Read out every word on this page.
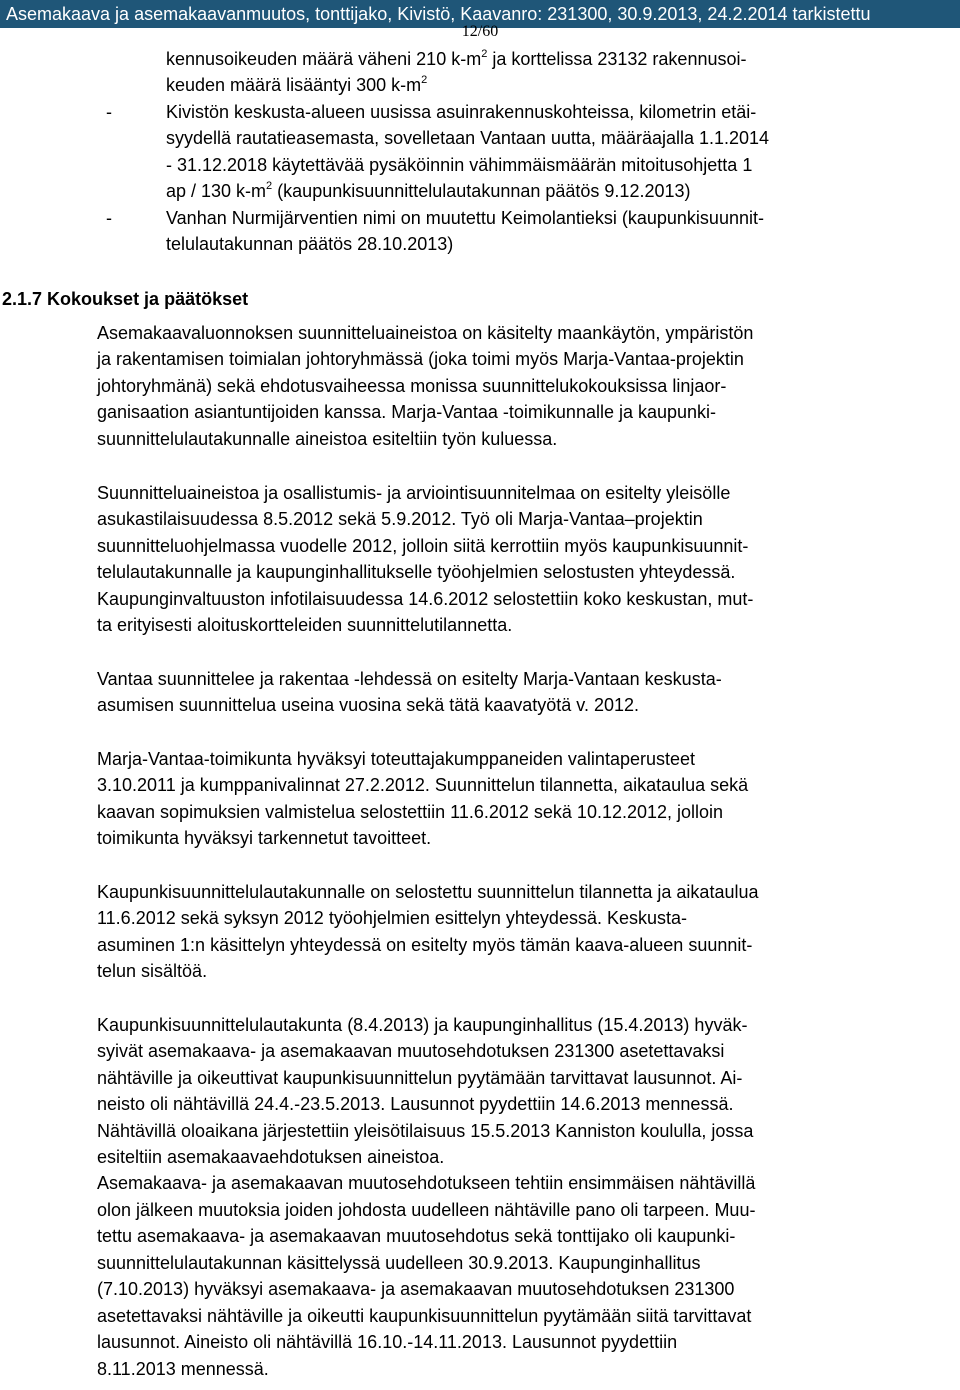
Asemakaava ja asemakaavanmuutos, tonttijako, Kivistö, Kaavanro: 231300, 30.9.2013, 24.2.2014 tarkistettu
12/60
kennusoikeuden määrä väheni 210 $k-m^2$ ja korttelissa 23132 rakennusoi-
keuden määrä lisääntyi 300 $k-m^2$
-	Kivistön keskusta-alueen uusissa asuinrakennuskohteissa, kilometrin etäi-
syydellä rautatieasemasta, sovelletaan Vantaan uutta, määräajalla 1.1.2014
- 31.12.2018 käytettävää pysäköinnin vähimmäismäärän mitoitusohjetta 1
ap / 130 $k-m^2$ (kaupunkisuunnittelulautakunnan päätös 9.12.2013)
-	Vanhan Nurmijärventien nimi on muutettu Keimolantieksi (kaupunkisuunnit-
telulautakunnan päätös 28.10.2013)
2.1.7 Kokoukset ja päätökset
Asemakaavaluonnoksen suunnitteluaineistoa on käsitelty maankäytön, ympäristön
ja rakentamisen toimialan johtoryhmässä (joka toimi myös Marja-Vantaa-projektin
johtoryhmänä) sekä ehdotusvaiheessa monissa suunnittelukokouksissa linjaor-
ganisaation asiantuntijoiden kanssa. Marja-Vantaa -toimikunnalle ja kaupunki-
suunnittelulautakunnalle aineistoa esiteltiin työn kuluessa.
Suunnitteluaineistoa ja osallistumis- ja arviointisuunnitelmaa on esitelty yleisölle
asukastilaisuudessa 8.5.2012 sekä 5.9.2012. Työ oli Marja-Vantaa–projektin
suunnitteluohjelmassa vuodelle 2012, jolloin siitä kerrottiin myös kaupunkisuunnit-
telulautakunnalle ja kaupunginhallitukselle työohjelmien selostusten yhteydessä.
Kaupunginvaltuuston infotilaisuudessa 14.6.2012 selostettiin koko keskustan, mut-
ta erityisesti aloituskortteleiden suunnittelutilannetta.
Vantaa suunnittelee ja rakentaa -lehdessä on esitelty Marja-Vantaan keskusta-
asumisen suunnittelua useina vuosina sekä tätä kaavatyötä v. 2012.
Marja-Vantaa-toimikunta hyväksyi toteuttajakumppaneiden valintaperusteet
3.10.2011 ja kumppanivalinnat 27.2.2012. Suunnittelun tilannetta, aikataulua sekä
kaavan sopimuksien valmistelua selostettiin 11.6.2012 sekä 10.12.2012, jolloin
toimikunta hyväksyi tarkennetut tavoitteet.
Kaupunkisuunnittelulautakunnalle on selostettu suunnittelun tilannetta ja aikataulua
11.6.2012 sekä syksyn 2012 työohjelmien esittelyn yhteydessä. Keskusta-
asuminen 1:n käsittelyn yhteydessä on esitelty myös tämän kaava-alueen suunnit-
telun sisältöä.
Kaupunkisuunnittelulautakunta (8.4.2013) ja kaupunginhallitus (15.4.2013) hyväk-
syivät asemakaava- ja asemakaavan muutosehdotuksen 231300 asetettavaksi
nähtäville ja oikeuttivat kaupunkisuunnittelun pyytämään tarvittavat lausunnot. Ai-
neisto oli nähtävillä 24.4.-23.5.2013. Lausunnot pyydettiin 14.6.2013 mennessä.
Nähtävillä oloaikana järjestettiin yleisötilaisuus 15.5.2013 Kanniston koululla, jossa
esiteltiin asemakaavaehdotuksen aineistoa.
Asemakaava- ja asemakaavan muutosehdotukseen tehtiin ensimmäisen nähtävillä
olon jälkeen muutoksia joiden johdosta uudelleen nähtäville pano oli tarpeen. Muu-
tettu asemakaava- ja asemakaavan muutosehdotus sekä tonttijako oli kaupunki-
suunnittelulautakunnan käsittelyssä uudelleen 30.9.2013. Kaupunginhallitus
(7.10.2013) hyväksyi asemakaava- ja asemakaavan muutosehdotuksen 231300
asetettavaksi nähtäville ja oikeutti kaupunkisuunnittelun pyytämään siitä tarvittavat
lausunnot. Aineisto oli nähtävillä 16.10.-14.11.2013. Lausunnot pyydettiin
8.11.2013 mennessä.
